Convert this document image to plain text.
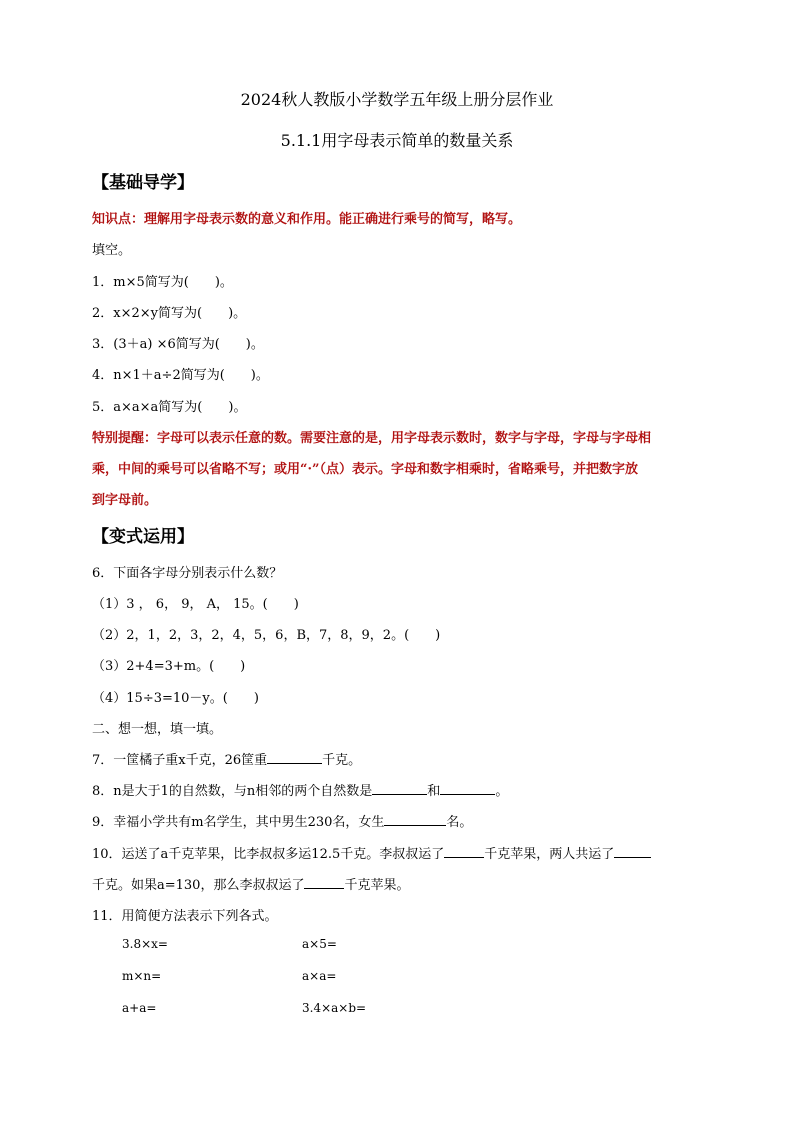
2024秋人教版小学数学五年级上册分层作业
5.1.1用字母表示简单的数量关系
【基础导学】
知识点：理解用字母表示数的意义和作用。能正确进行乘号的简写，略写。
填空。
1．m×5简写为(　　)。
2．x×2×y简写为(　　)。
3．(3＋a) ×6简写为(　　)。
4．n×1＋a÷2简写为(　　)。
5．a×a×a简写为(　　)。
特别提醒：字母可以表示任意的数。需要注意的是，用字母表示数时，数字与字母，字母与字母相
乘，中间的乘号可以省略不写；或用“·”（点）表示。字母和数字相乘时，省略乘号，并把数字放
到字母前。
【变式运用】
6．下面各字母分别表示什么数？
（1）3 ， 6， 9， A， 15。(　　)
（2）2，1，2，3，2，4，5，6，B，7，8，9，2。(　　)
（3）2+4=3+m。(　　)
（4）15÷3=10－y。(　　)
二、想一想，填一填。
7．一筐橘子重x千克，26筐重	千克。
8．n是大于1的自然数，与n相邻的两个自然数是	和	。
9．幸福小学共有m名学生，其中男生230名，女生	名。
10．运送了a千克苹果，比李叔叔多运12.5千克。李叔叔运了	千克苹果，两人共运了
千克。如果a=130，那么李叔叔运了	千克苹果。
11．用简便方法表示下列各式。
3.8×x=	a×5=
m×n=	a×a=
a+a=	3.4×a×b=
